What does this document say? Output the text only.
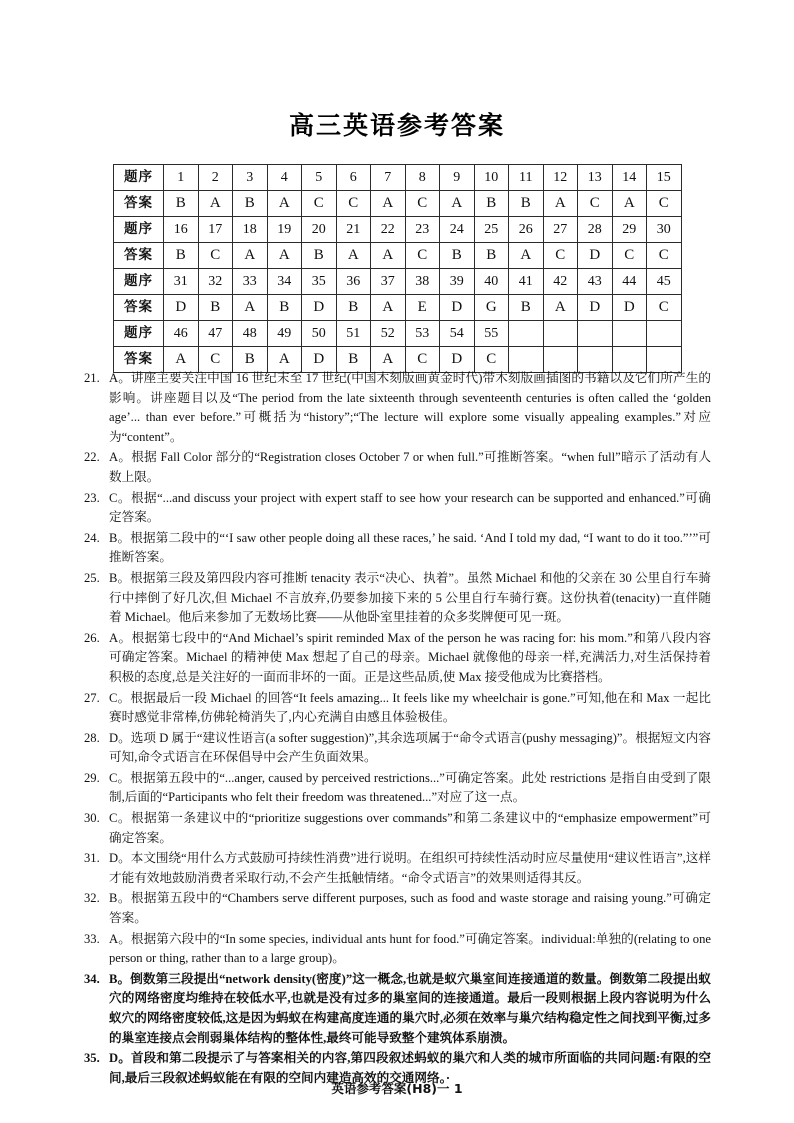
高三英语参考答案
题序	1	2	3	4	5	6	7	8	9	10	11	12	13	14	15
答案	B	A	B	A	C	C	A	C	A	B	B	A	C	A	C
题序	16	17	18	19	20	21	22	23	24	25	26	27	28	29	30
答案	B	C	A	A	B	A	A	C	B	B	A	C	D	C	C
题序	31	32	33	34	35	36	37	38	39	40	41	42	43	44	45
答案	D	B	A	B	D	B	A	E	D	G	B	A	D	D	C
题序	46	47	48	49	50	51	52	53	54	55					
答案	A	C	B	A	D	B	A	C	D	C					
21. A。讲座主要关注中国 16 世纪末至 17 世纪(中国木刻版画黄金时代)带木刻版画插图的书籍以及它们所产生的影响。讲座题目以及“The period from the late sixteenth through seventeenth centuries is often called the ‘golden age’... than ever before.”可概括为“history”;“The lecture will explore some visually appealing examples.”对应为“content”。
22. A。根据 Fall Color 部分的“Registration closes October 7 or when full.”可推断答案。“when full”暗示了活动有人数上限。
23. C。根据“...and discuss your project with expert staff to see how your research can be supported and enhanced.”可确定答案。
24. B。根据第二段中的“‘I saw other people doing all these races,’ he said. ‘And I told my dad, “I want to do it too.”’”可推断答案。
25. B。根据第三段及第四段内容可推断 tenacity 表示“决心、执着”。虽然 Michael 和他的父亲在 30 公里自行车骑行中摔倒了好几次,但 Michael 不言放弃,仍要参加接下来的 5 公里自行车骑行赛。这份执着(tenacity)一直伴随着 Michael。他后来参加了无数场比赛——从他卧室里挂着的众多奖牌便可见一斑。
26. A。根据第七段中的“And Michael’s spirit reminded Max of the person he was racing for: his mom.”和第八段内容可确定答案。Michael 的精神使 Max 想起了自己的母亲。Michael 就像他的母亲一样,充满活力,对生活保持着积极的态度,总是关注好的一面而非坏的一面。正是这些品质,使 Max 接受他成为比赛搭档。
27. C。根据最后一段 Michael 的回答“It feels amazing... It feels like my wheelchair is gone.”可知,他在和 Max 一起比赛时感觉非常棒,仿佛轮椅消失了,内心充满自由感且体验极佳。
28. D。选项 D 属于“建议性语言(a softer suggestion)”,其余选项属于“命令式语言(pushy messaging)”。根据短文内容可知,命令式语言在环保倡导中会产生负面效果。
29. C。根据第五段中的“...anger, caused by perceived restrictions...”可确定答案。此处 restrictions 是指自由受到了限制,后面的“Participants who felt their freedom was threatened...”对应了这一点。
30. C。根据第一条建议中的“prioritize suggestions over commands”和第二条建议中的“emphasize empowerment”可确定答案。
31. D。本文围绕“用什么方式鼓励可持续性消费”进行说明。在组织可持续性活动时应尽量使用“建议性语言”,这样才能有效地鼓励消费者采取行动,不会产生抵触情绪。“命令式语言”的效果则适得其反。
32. B。根据第五段中的“Chambers serve different purposes, such as food and waste storage and raising young.”可确定答案。
33. A。根据第六段中的“In some species, individual ants hunt for food.”可确定答案。individual:单独的(relating to one person or thing, rather than to a large group)。
34. B。倒数第三段提出“network density(密度)”这一概念,也就是蚁穴巢室间连接通道的数量。倒数第二段提出蚁穴的网络密度均维持在较低水平,也就是没有过多的巢室间的连接通道。最后一段则根据上段内容说明为什么蚁穴的网络密度较低,这是因为蚂蚁在构建高度连通的巢穴时,必须在效率与巢穴结构稳定性之间找到平衡,过多的巢室连接点会削弱巢体结构的整体性,最终可能导致整个建筑体系崩溃。
35. D。首段和第二段提示了与答案相关的内容,第四段叙述蚂蚁的巢穴和人类的城市所面临的共同问题:有限的空间,最后三段叙述蚂蚁能在有限的空间内建造高效的交通网络。·
英语参考答案(H8)一 1
